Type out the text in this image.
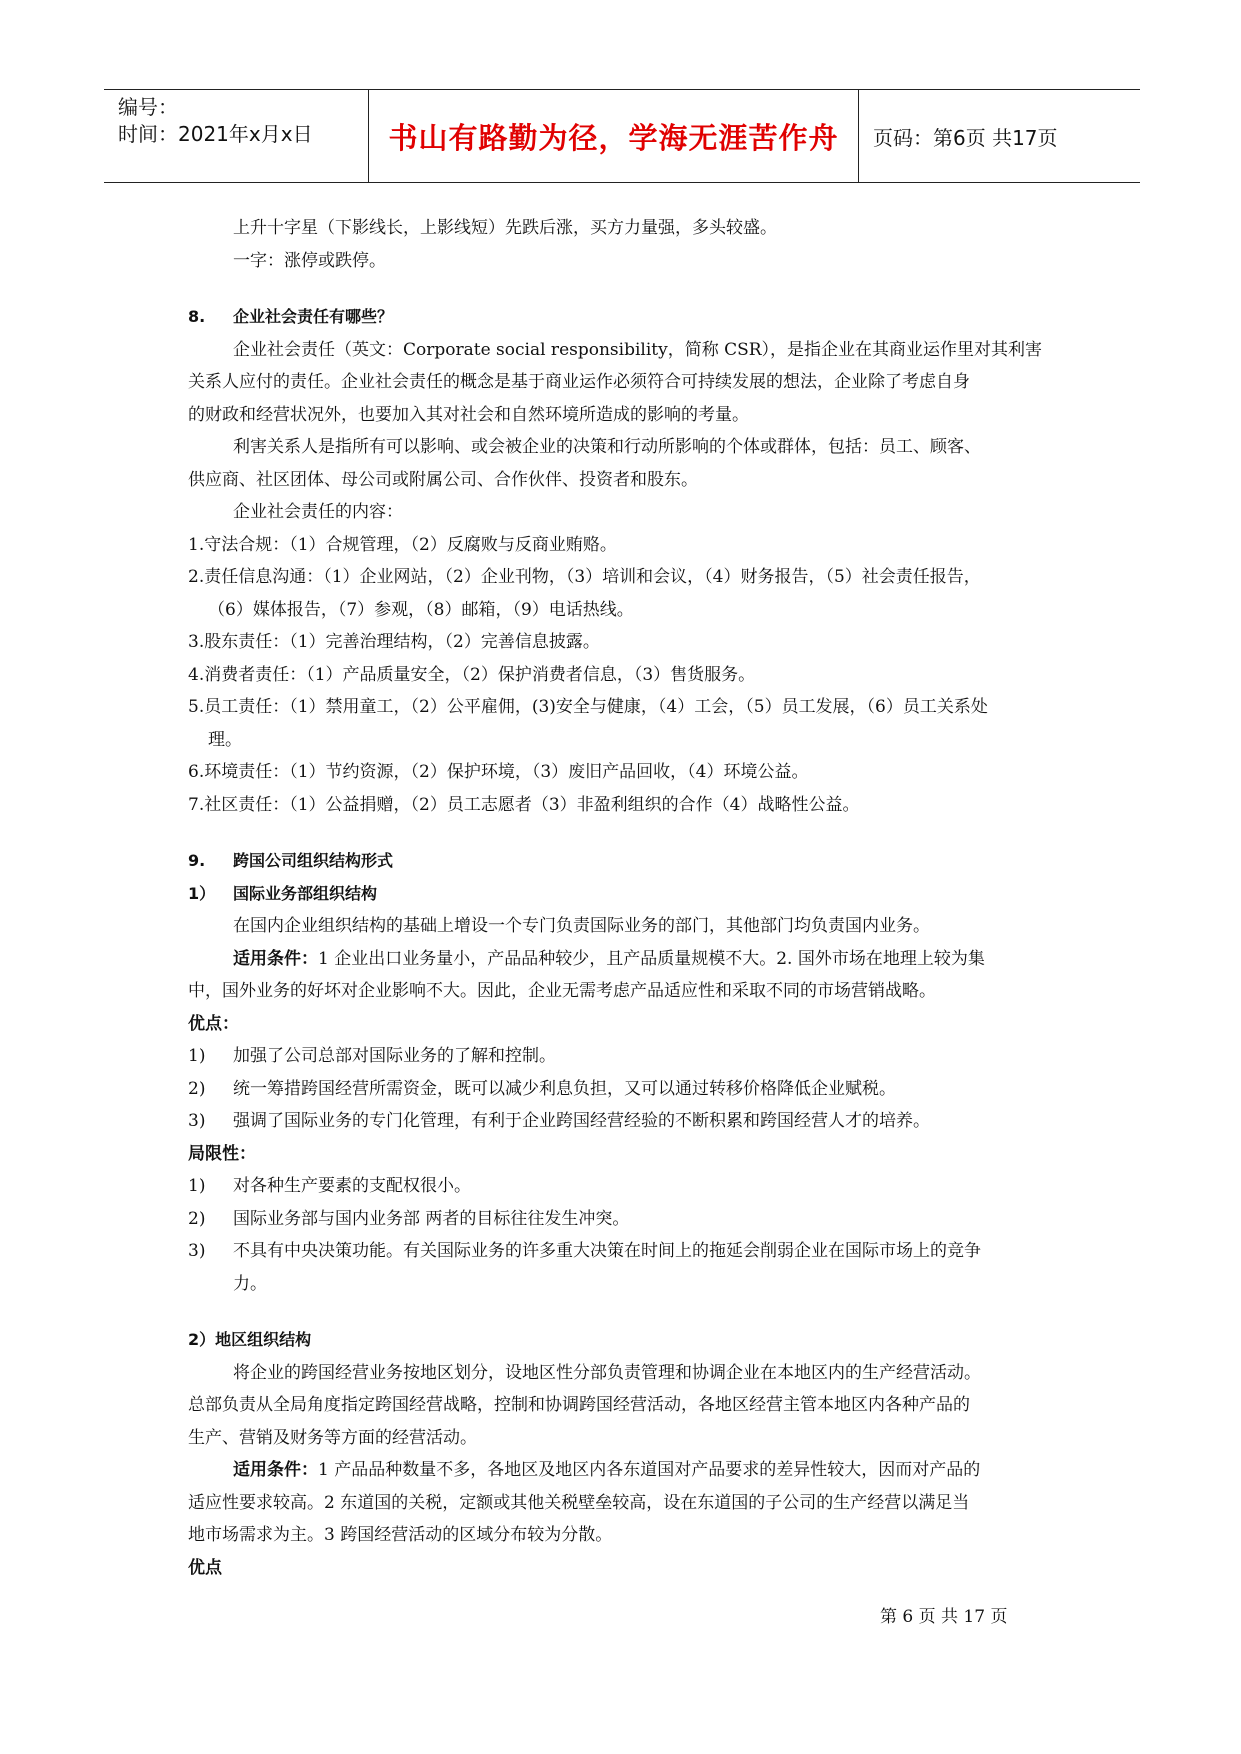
编号：
时间：2021年x月x日	书山有路勤为径，学海无涯苦作舟	页码：第6页 共17页
上升十字星（下影线长，上影线短）先跌后涨，买方力量强，多头较盛。
一字：涨停或跌停。
8. 企业社会责任有哪些？
企业社会责任（英文：Corporate social responsibility，简称 CSR），是指企业在其商业运作里对其利害
关系人应付的责任。企业社会责任的概念是基于商业运作必须符合可持续发展的想法，企业除了考虑自身
的财政和经营状况外，也要加入其对社会和自然环境所造成的影响的考量。
利害关系人是指所有可以影响、或会被企业的决策和行动所影响的个体或群体，包括：员工、顾客、
供应商、社区团体、母公司或附属公司、合作伙伴、投资者和股东。
企业社会责任的内容：
1.守法合规：（1）合规管理，（2）反腐败与反商业贿赂。
2.责任信息沟通：（1）企业网站，（2）企业刊物，（3）培训和会议，（4）财务报告，（5）社会责任报告，
（6）媒体报告，（7）参观，（8）邮箱，（9）电话热线。
3.股东责任：（1）完善治理结构，（2）完善信息披露。
4.消费者责任：（1）产品质量安全，（2）保护消费者信息，（3）售货服务。
5.员工责任：（1）禁用童工，（2）公平雇佣，(3)安全与健康，（4）工会，（5）员工发展，（6）员工关系处
理。
6.环境责任：（1）节约资源，（2）保护环境，（3）废旧产品回收，（4）环境公益。
7.社区责任：（1）公益捐赠，（2）员工志愿者（3）非盈利组织的合作（4）战略性公益。
9. 跨国公司组织结构形式
1） 国际业务部组织结构
在国内企业组织结构的基础上增设一个专门负责国际业务的部门，其他部门均负责国内业务。
适用条件：1 企业出口业务量小，产品品种较少，且产品质量规模不大。2. 国外市场在地理上较为集
中，国外业务的好坏对企业影响不大。因此，企业无需考虑产品适应性和采取不同的市场营销战略。
优点：
1) 加强了公司总部对国际业务的了解和控制。
2) 统一筹措跨国经营所需资金，既可以减少利息负担，又可以通过转移价格降低企业赋税。
3) 强调了国际业务的专门化管理，有利于企业跨国经营经验的不断积累和跨国经营人才的培养。
局限性：
1) 对各种生产要素的支配权很小。
2) 国际业务部与国内业务部 两者的目标往往发生冲突。
3) 不具有中央决策功能。有关国际业务的许多重大决策在时间上的拖延会削弱企业在国际市场上的竞争
力。
2）地区组织结构
将企业的跨国经营业务按地区划分，设地区性分部负责管理和协调企业在本地区内的生产经营活动。
总部负责从全局角度指定跨国经营战略，控制和协调跨国经营活动，各地区经营主管本地区内各种产品的
生产、营销及财务等方面的经营活动。
适用条件：1 产品品种数量不多，各地区及地区内各东道国对产品要求的差异性较大，因而对产品的
适应性要求较高。2 东道国的关税，定额或其他关税壁垒较高，设在东道国的子公司的生产经营以满足当
地市场需求为主。3 跨国经营活动的区域分布较为分散。
优点
第 6 页 共 17 页
